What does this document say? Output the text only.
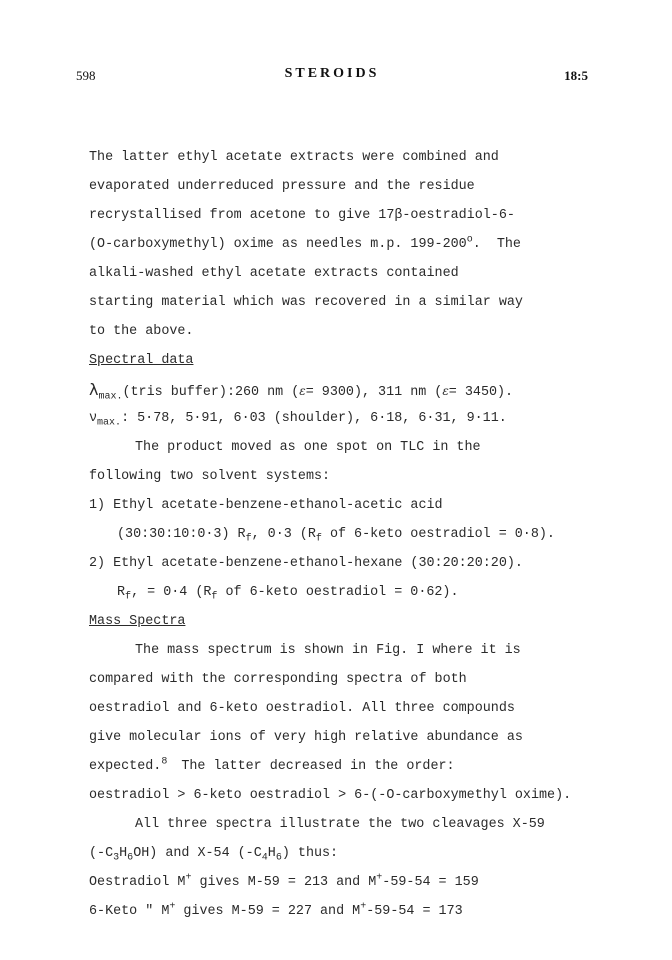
598	STEROIDS	18:5
The latter ethyl acetate extracts were combined and
evaporated underreduced pressure and the residue
recrystallised from acetone to give 17β-oestradiol-6-
(O-carboxymethyl) oxime as needles m.p. 199-200$^o$.  The
alkali-washed ethyl acetate extracts contained
starting material which was recovered in a similar way
to the above.
Spectral data
$\lambda_{max.}(tris$ buffer):260 nm (ε= 9300), 311 nm (ε= 3450).
$\nu_{max.}$: 5·78, 5·91, 6·03 (shoulder), 6·18, 6·31, 9·11.
The product moved as one spot on TLC in the
following two solvent systems:
1) Ethyl acetate-benzene-ethanol-acetic acid
(30:30:10:0·3) $R_f$, 0·3 ($R_f$ of 6-keto oestradiol = 0·8).
2) Ethyl acetate-benzene-ethanol-hexane (30:20:20:20).
$R_f$, = 0·4 ($R_f$ of 6-keto oestradiol = 0·62).
Mass Spectra
The mass spectrum is shown in Fig. I where it is
compared with the corresponding spectra of both
oestradiol and 6-keto oestradiol. All three compounds
give molecular ions of very high relative abundance as
expected.$^8$ The latter decreased in the order:
oestradiol > 6-keto oestradiol > 6-(-O-carboxymethyl oxime).
All three spectra illustrate the two cleavages X-59
$(-C_3H_6OH)$ and X-54 $(-C_4H_6)$ thus:
Oestradiol M+ gives M-59 = 213 and M+-59-54 = 159
6-Keto " M+ gives M-59 = 227 and M+-59-54 = 173
